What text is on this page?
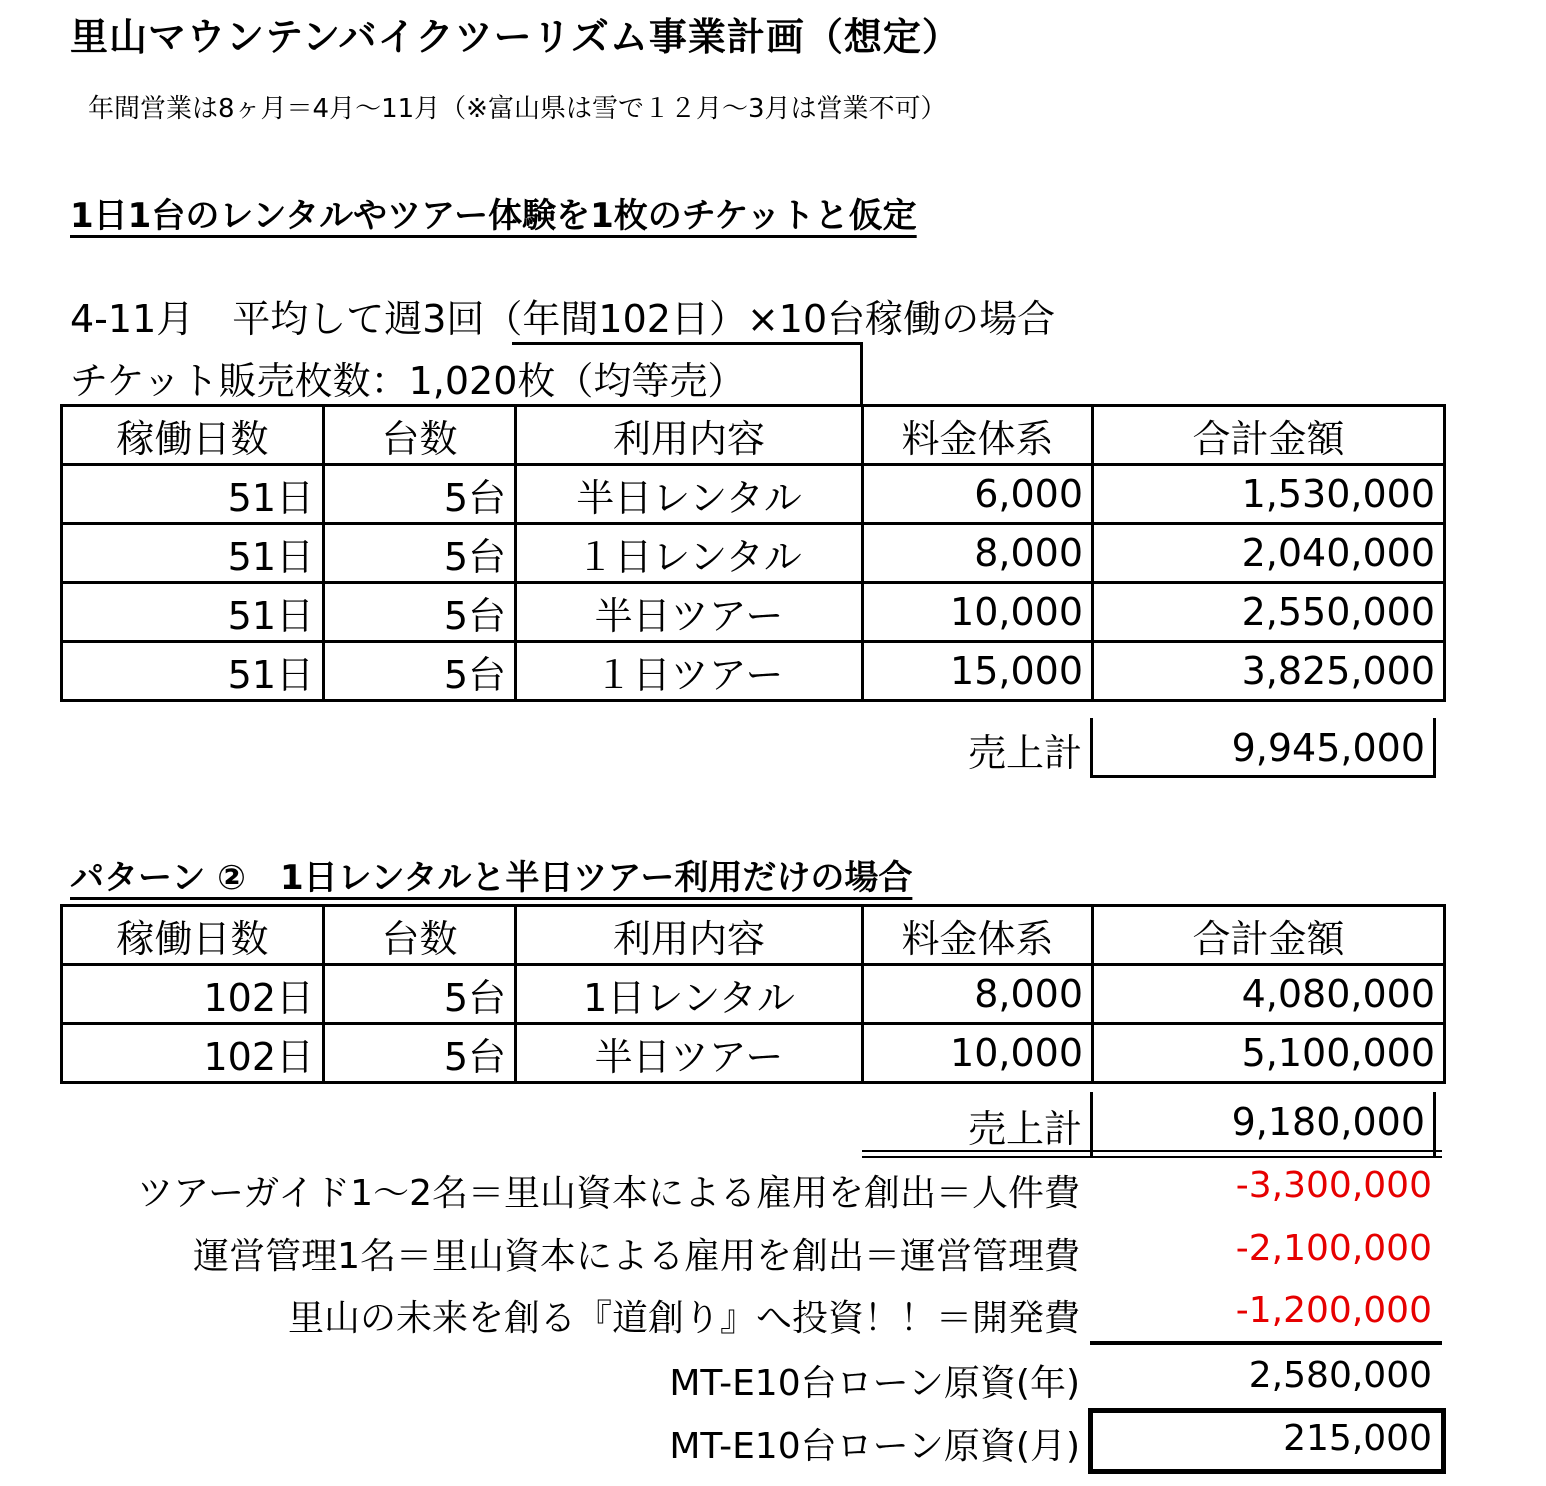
里山マウンテンバイクツーリズム事業計画（想定）
年間営業は8ヶ月＝4月～11月（※富山県は雪で１２月～3月は営業不可）
1日1台のレンタルやツアー体験を1枚のチケットと仮定
4-11月　平均して週3回（年間102日）×10台稼働の場合
チケット販売枚数：1,020枚（均等売）
稼働日数	台数	利用内容	料金体系	合計金額
51日	5台	半日レンタル	6,000	1,530,000
51日	5台	１日レンタル	8,000	2,040,000
51日	5台	半日ツアー	10,000	2,550,000
51日	5台	１日ツアー	15,000	3,825,000
売上計	9,945,000
パターン ②　1日レンタルと半日ツアー利用だけの場合
稼働日数	台数	利用内容	料金体系	合計金額
102日	5台	1日レンタル	8,000	4,080,000
102日	5台	半日ツアー	10,000	5,100,000
売上計	9,180,000
ツアーガイド1～2名＝里山資本による雇用を創出＝人件費	-3,300,000
運営管理1名＝里山資本による雇用を創出＝運営管理費	-2,100,000
里山の未来を創る『道創り』へ投資！！＝開発費	-1,200,000
MT-E10台ローン原資(年)	2,580,000
MT-E10台ローン原資(月)	215,000
